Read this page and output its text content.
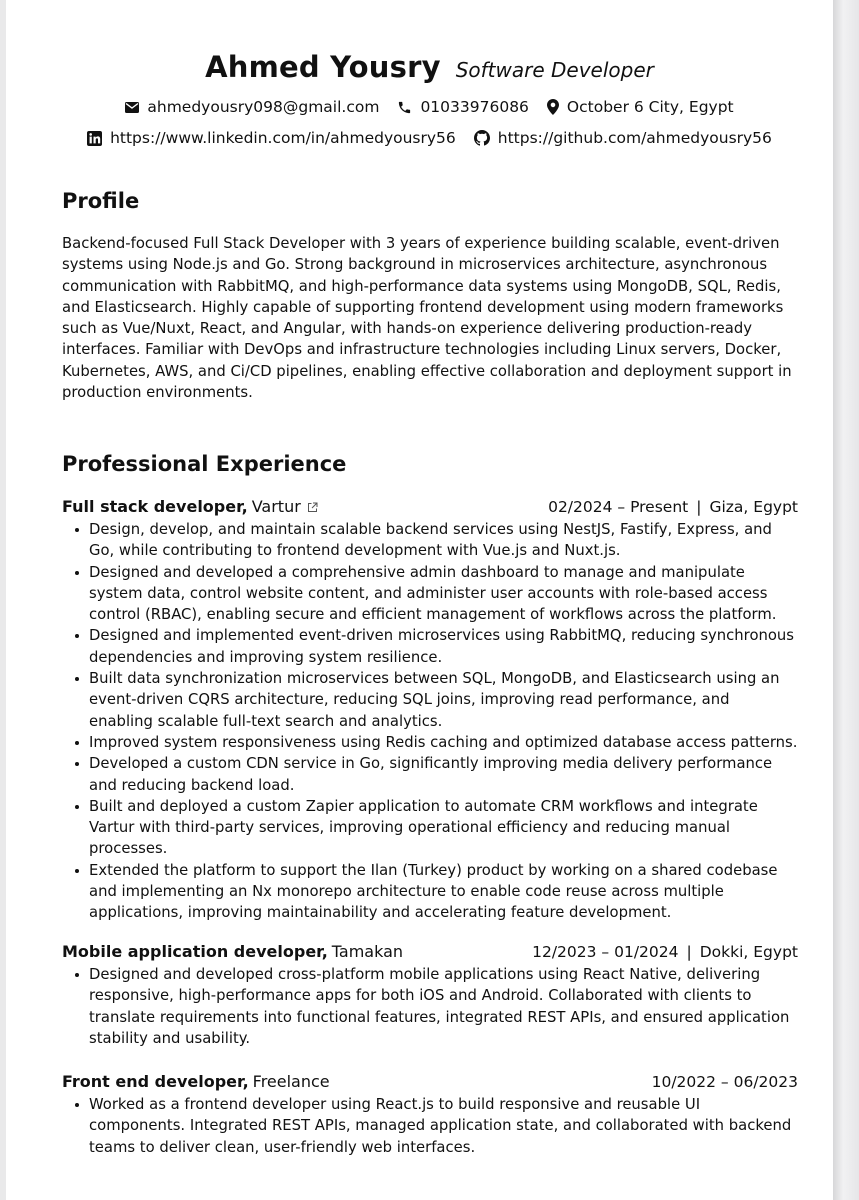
Ahmed Yousry Software Developer
ahmedyousry098@gmail.com	01033976086 October 6 City, Egypt
https://www.linkedin.com/in/ahmedyousry56	https://github.com/ahmedyousry56
Profile
Backend-focused Full Stack Developer with 3 years of experience building scalable, event-driven systems using Node.js and Go. Strong background in microservices architecture, asynchronous communication with RabbitMQ, and high-performance data systems using MongoDB, SQL, Redis, and Elasticsearch. Highly capable of supporting frontend development using modern frameworks such as Vue/Nuxt, React, and Angular, with hands-on experience delivering production-ready interfaces. Familiar with DevOps and infrastructure technologies including Linux servers, Docker, Kubernetes, AWS, and Ci/CD pipelines, enabling effective collaboration and deployment support in production environments.
Professional Experience
Full stack developer, Vartur	02/2024 – Present | Giza, Egypt
Design, develop, and maintain scalable backend services using NestJS, Fastify, Express, and Go, while contributing to frontend development with Vue.js and Nuxt.js.
Designed and developed a comprehensive admin dashboard to manage and manipulate system data, control website content, and administer user accounts with role-based access control (RBAC), enabling secure and efficient management of workflows across the platform.
Designed and implemented event-driven microservices using RabbitMQ, reducing synchronous dependencies and improving system resilience.
Built data synchronization microservices between SQL, MongoDB, and Elasticsearch using an event-driven CQRS architecture, reducing SQL joins, improving read performance, and enabling scalable full-text search and analytics.
Improved system responsiveness using Redis caching and optimized database access patterns.
Developed a custom CDN service in Go, significantly improving media delivery performance and reducing backend load.
Built and deployed a custom Zapier application to automate CRM workflows and integrate Vartur with third-party services, improving operational efficiency and reducing manual processes.
Extended the platform to support the Ilan (Turkey) product by working on a shared codebase and implementing an Nx monorepo architecture to enable code reuse across multiple applications, improving maintainability and accelerating feature development.
Mobile application developer, Tamakan	12/2023 – 01/2024 | Dokki, Egypt
Designed and developed cross-platform mobile applications using React Native, delivering responsive, high-performance apps for both iOS and Android. Collaborated with clients to translate requirements into functional features, integrated REST APIs, and ensured application stability and usability.
Front end developer, Freelance	10/2022 – 06/2023
Worked as a frontend developer using React.js to build responsive and reusable UI components. Integrated REST APIs, managed application state, and collaborated with backend teams to deliver clean, user-friendly web interfaces.
